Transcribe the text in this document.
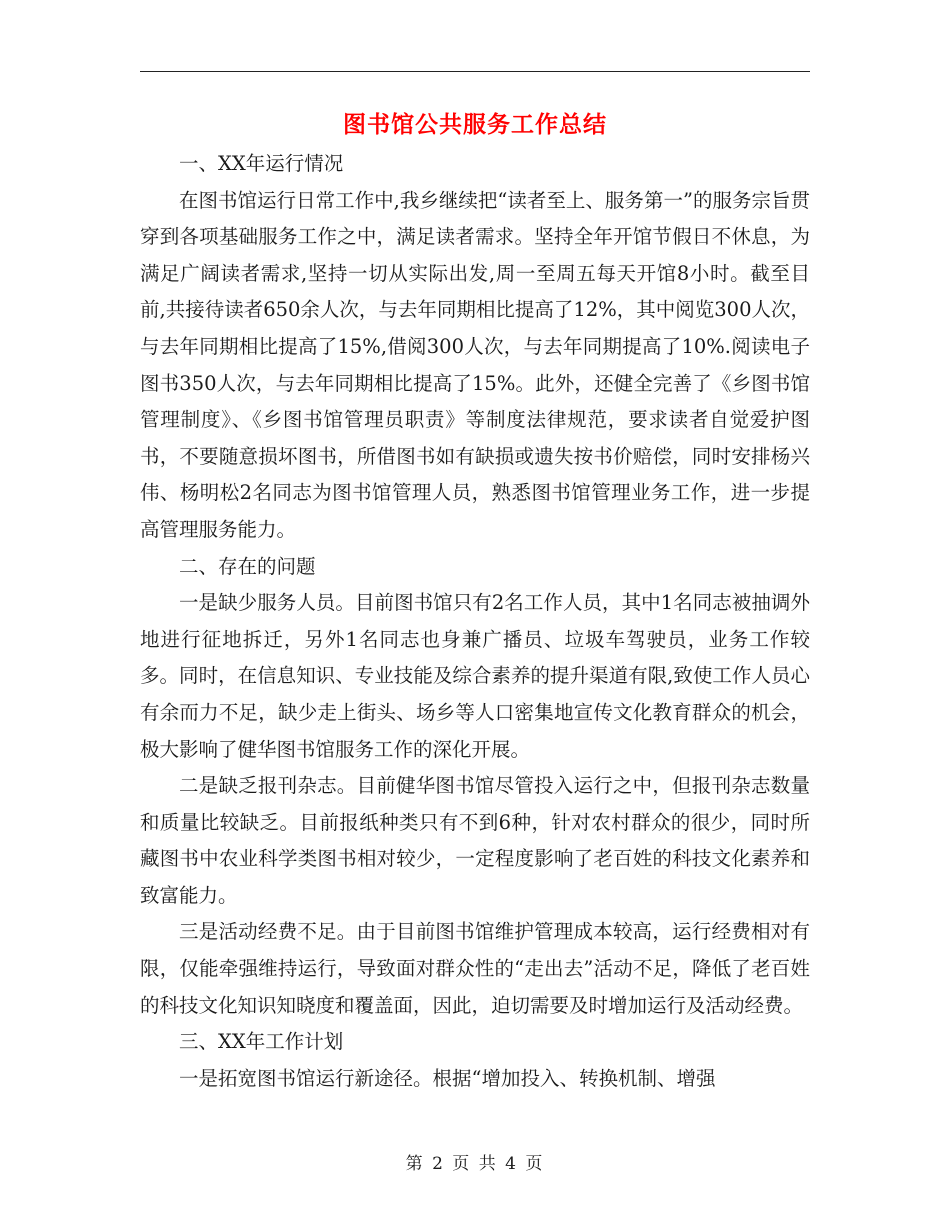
图书馆公共服务工作总结

一、XX年运行情况

在图书馆运行日常工作中,我乡继续把“读者至上、服务第一”的服务宗旨贯穿到各项基础服务工作之中，满足读者需求。坚持全年开馆节假日不休息，为满足广阔读者需求,坚持一切从实际出发,周一至周五每天开馆8小时。截至目前,共接待读者650余人次，与去年同期相比提高了12%，其中阅览300人次，与去年同期相比提高了15%,借阅300人次，与去年同期提高了10%.阅读电子图书350人次，与去年同期相比提高了15%。此外，还健全完善了《乡图书馆管理制度》、《乡图书馆管理员职责》等制度法律规范，要求读者自觉爱护图书，不要随意损坏图书，所借图书如有缺损或遗失按书价赔偿，同时安排杨兴伟、杨明松2名同志为图书馆管理人员，熟悉图书馆管理业务工作，进一步提高管理服务能力。

二、存在的问题

一是缺少服务人员。目前图书馆只有2名工作人员，其中1名同志被抽调外地进行征地拆迁，另外1名同志也身兼广播员、垃圾车驾驶员，业务工作较多。同时，在信息知识、专业技能及综合素养的提升渠道有限,致使工作人员心有余而力不足，缺少走上街头、场乡等人口密集地宣传文化教育群众的机会，极大影响了健华图书馆服务工作的深化开展。

二是缺乏报刊杂志。目前健华图书馆尽管投入运行之中，但报刊杂志数量和质量比较缺乏。目前报纸种类只有不到6种，针对农村群众的很少，同时所藏图书中农业科学类图书相对较少，一定程度影响了老百姓的科技文化素养和致富能力。

三是活动经费不足。由于目前图书馆维护管理成本较高，运行经费相对有限，仅能牵强维持运行，导致面对群众性的“走出去”活动不足，降低了老百姓的科技文化知识知晓度和覆盖面，因此，迫切需要及时增加运行及活动经费。

三、XX年工作计划

一是拓宽图书馆运行新途径。根据“增加投入、转换机制、增强

第 2 页 共 4 页
